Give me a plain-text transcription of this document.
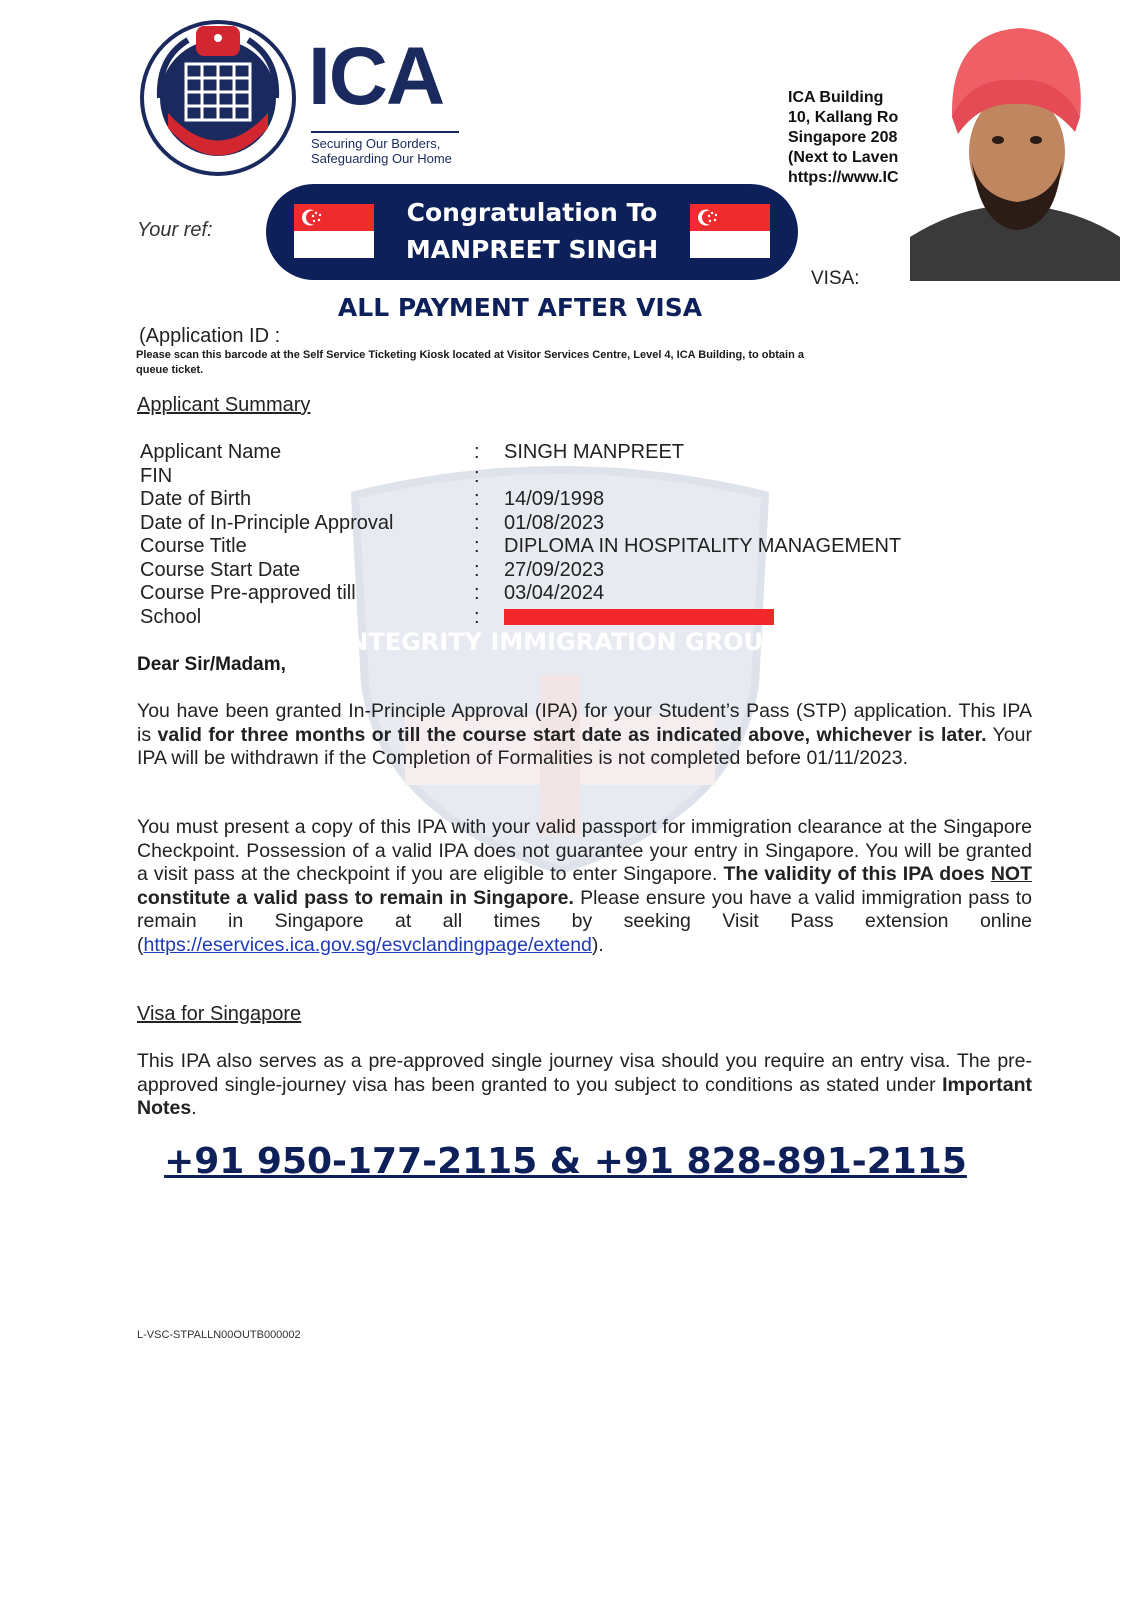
INTEGRITY IMMIGRATION GROUP
ICA
Securing Our Borders,
Safeguarding Our Home
ICA Building
10, Kallang Ro
Singapore 208
(Next to Laven
https://www.IC
Congratulation To
MANPREET SINGH
Your ref:
VISA:
ALL PAYMENT AFTER VISA
(Application ID :
Please scan this barcode at the Self Service Ticketing Kiosk located at Visitor Services Centre, Level 4, ICA Building, to obtain a queue ticket.
Applicant Summary
Applicant Name	:	SINGH MANPREET
FIN	:	
Date of Birth	:	14/09/1998
Date of In-Principle Approval	:	01/08/2023
Course Title	:	DIPLOMA IN HOSPITALITY MANAGEMENT
Course Start Date	:	27/09/2023
Course Pre-approved till	:	03/04/2024
School	:	
Dear Sir/Madam,
You have been granted In-Principle Approval (IPA) for your Student’s Pass (STP) application. This IPA is valid for three months or till the course start date as indicated above, whichever is later. Your IPA will be withdrawn if the Completion of Formalities is not completed before 01/11/2023.
You must present a copy of this IPA with your valid passport for immigration clearance at the Singapore Checkpoint. Possession of a valid IPA does not guarantee your entry in Singapore. You will be granted a visit pass at the checkpoint if you are eligible to enter Singapore. The validity of this IPA does NOT constitute a valid pass to remain in Singapore. Please ensure you have a valid immigration pass to remain in Singapore at all times by seeking Visit Pass extension online (https://eservices.ica.gov.sg/esvclandingpage/extend).
Visa for Singapore
This IPA also serves as a pre-approved single journey visa should you require an entry visa. The pre-approved single-journey visa has been granted to you subject to conditions as stated under Important Notes.
+91 950-177-2115 & +91 828-891-2115
L-VSC-STPALLN00OUTB000002
